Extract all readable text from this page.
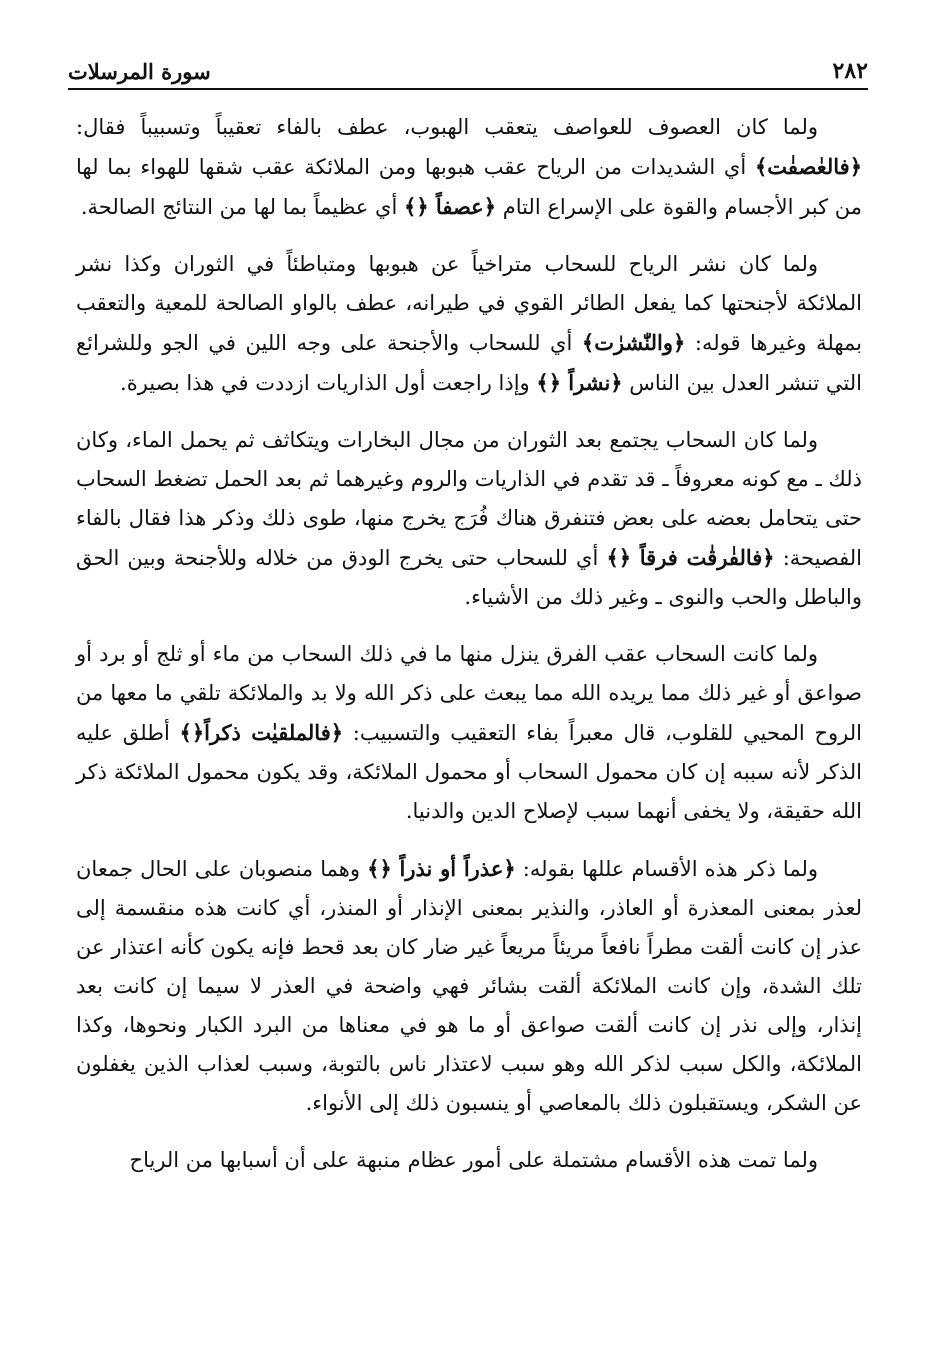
٢٨٢
سورة المرسلات

ولما كان العصوف للعواصف يتعقب الهبوب، عطف بالفاء تعقيباً وتسبيباً فقال: ﴿فالعٰصفٰت﴾ أي الشديدات من الرياح عقب هبوبها ومن الملائكة عقب شقها للهواء بما لها من كبر الأجسام والقوة على الإسراع التام ﴿عصفاً ﴿﴾ أي عظيماً بما لها من النتائج الصالحة.

ولما كان نشر الرياح للسحاب متراخياً عن هبوبها ومتباطئاً في الثوران وكذا نشر الملائكة لأجنحتها كما يفعل الطائر القوي في طيرانه، عطف بالواو الصالحة للمعية والتعقب بمهلة وغيرها قوله: ﴿والنّٰشرٰت﴾ أي للسحاب والأجنحة على وجه اللين في الجو وللشرائع التي تنشر العدل بين الناس ﴿نشراً ﴿﴾ وإذا راجعت أول الذاريات ازددت في هذا بصيرة.

ولما كان السحاب يجتمع بعد الثوران من مجال البخارات ويتكاثف ثم يحمل الماء، وكان ذلك ـ مع كونه معروفاً ـ قد تقدم في الذاريات والروم وغيرهما ثم بعد الحمل تضغط السحاب حتى يتحامل بعضه على بعض فتنفرق هناك فُرَج يخرج منها، طوى ذلك وذكر هذا فقال بالفاء الفصيحة: ﴿فالفٰرقٰت فرقاً ﴿﴾ أي للسحاب حتى يخرج الودق من خلاله وللأجنحة وبين الحق والباطل والحب والنوى ـ وغير ذلك من الأشياء.

ولما كانت السحاب عقب الفرق ينزل منها ما في ذلك السحاب من ماء أو ثلج أو برد أو صواعق أو غير ذلك مما يريده الله مما يبعث على ذكر الله ولا بد والملائكة تلقي ما معها من الروح المحيي للقلوب، قال معبراً بفاء التعقيب والتسبيب: ﴿فالملقيٰت ذكراً﴿﴾ أطلق عليه الذكر لأنه سببه إن كان محمول السحاب أو محمول الملائكة، وقد يكون محمول الملائكة ذكر الله حقيقة، ولا يخفى أنهما سبب لإصلاح الدين والدنيا.

ولما ذكر هذه الأقسام عللها بقوله: ﴿عذراً أو نذراً ﴿﴾ وهما منصوبان على الحال جمعان لعذر بمعنى المعذرة أو العاذر، والنذير بمعنى الإنذار أو المنذر، أي كانت هذه منقسمة إلى عذر إن كانت ألقت مطراً نافعاً مريئاً مريعاً غير ضار كان بعد قحط فإنه يكون كأنه اعتذار عن تلك الشدة، وإن كانت الملائكة ألقت بشائر فهي واضحة في العذر لا سيما إن كانت بعد إنذار، وإلى نذر إن كانت ألقت صواعق أو ما هو في معناها من البرد الكبار ونحوها، وكذا الملائكة، والكل سبب لذكر الله وهو سبب لاعتذار ناس بالتوبة، وسبب لعذاب الذين يغفلون عن الشكر، ويستقبلون ذلك بالمعاصي أو ينسبون ذلك إلى الأنواء.

ولما تمت هذه الأقسام مشتملة على أمور عظام منبهة على أن أسبابها من الرياح
